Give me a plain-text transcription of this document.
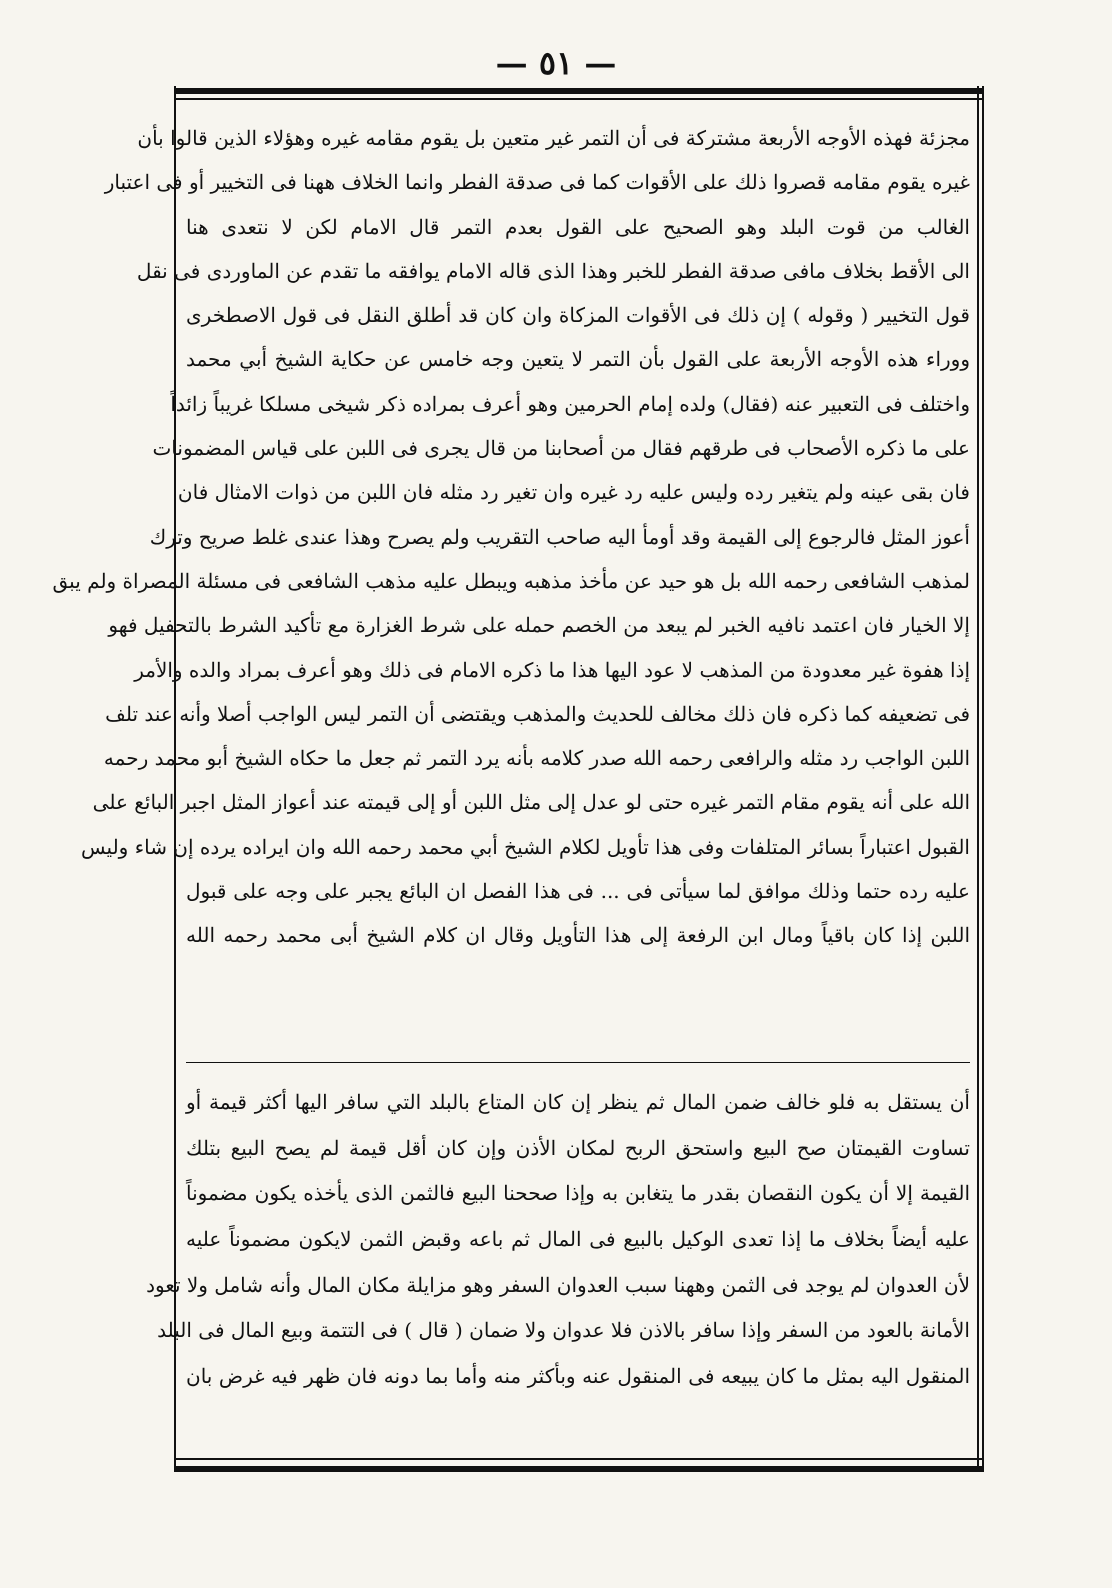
— ٥١ —
مجزئة فهذه الأوجه الأربعة مشتركة فى أن التمر غير متعين بل يقوم مقامه غيره وهؤلاء الذين قالوا بأن
غيره يقوم مقامه قصروا ذلك على الأقوات كما فى صدقة الفطر وانما الخلاف ههنا فى التخيير أو فى اعتبار
الغالب من قوت البلد وهو الصحيح على القول بعدم التمر قال الامام لكن لا نتعدى هنا
الى الأقط بخلاف مافى صدقة الفطر للخبر وهذا الذى قاله الامام يوافقه ما تقدم عن الماوردى فى نقل
قول التخيير ( وقوله ) إن ذلك فى الأقوات المزكاة وان كان قد أطلق النقل فى قول الاصطخرى
ووراء هذه الأوجه الأربعة على القول بأن التمر لا يتعين وجه خامس عن حكاية الشيخ أبي محمد
واختلف فى التعبير عنه (فقال) ولده إمام الحرمين وهو أعرف بمراده ذكر شيخى مسلكا غريباً زائداً
على ما ذكره الأصحاب فى طرقهم فقال من أصحابنا من قال يجرى فى اللبن على قياس المضمونات
فان بقى عينه ولم يتغير رده وليس عليه رد غيره وان تغير رد مثله فان اللبن من ذوات الامثال فان
أعوز المثل فالرجوع إلى القيمة وقد أومأ اليه صاحب التقريب ولم يصرح وهذا عندى غلط صريح وترك
لمذهب الشافعى رحمه الله بل هو حيد عن مأخذ مذهبه ويبطل عليه مذهب الشافعى فى مسئلة المصراة ولم يبق
إلا الخيار فان اعتمد نافيه الخبر لم يبعد من الخصم حمله على شرط الغزارة مع تأكيد الشرط بالتحفيل فهو
إذا هفوة غير معدودة من المذهب لا عود اليها هذا ما ذكره الامام فى ذلك وهو أعرف بمراد والده والأمر
فى تضعيفه كما ذكره فان ذلك مخالف للحديث والمذهب ويقتضى أن التمر ليس الواجب أصلا وأنه عند تلف
اللبن الواجب رد مثله والرافعى رحمه الله صدر كلامه بأنه يرد التمر ثم جعل ما حكاه الشيخ أبو محمد رحمه
الله على أنه يقوم مقام التمر غيره حتى لو عدل إلى مثل اللبن أو إلى قيمته عند أعواز المثل اجبر البائع على
القبول اعتباراً بسائر المتلفات وفى هذا تأويل لكلام الشيخ أبي محمد رحمه الله وان ايراده يرده إن شاء وليس
عليه رده حتما وذلك موافق لما سيأتى فى ... فى هذا الفصل ان البائع يجبر على وجه على قبول
اللبن إذا كان باقياً ومال ابن الرفعة إلى هذا التأويل وقال ان كلام الشيخ أبى محمد رحمه الله
أن يستقل به فلو خالف ضمن المال ثم ينظر إن كان المتاع بالبلد التي سافر اليها أكثر قيمة أو
تساوت القيمتان صح البيع واستحق الربح لمكان الأذن وإن كان أقل قيمة لم يصح البيع بتلك
القيمة إلا أن يكون النقصان بقدر ما يتغابن به وإذا صححنا البيع فالثمن الذى يأخذه يكون مضموناً
عليه أيضاً بخلاف ما إذا تعدى الوكيل بالبيع فى المال ثم باعه وقبض الثمن لايكون مضموناً عليه
لأن العدوان لم يوجد فى الثمن وههنا سبب العدوان السفر وهو مزايلة مكان المال وأنه شامل ولا تعود
الأمانة بالعود من السفر وإذا سافر بالاذن فلا عدوان ولا ضمان ( قال ) فى التتمة وبيع المال فى البلد
المنقول اليه بمثل ما كان يبيعه فى المنقول عنه وبأكثر منه وأما بما دونه فان ظهر فيه غرض بان
